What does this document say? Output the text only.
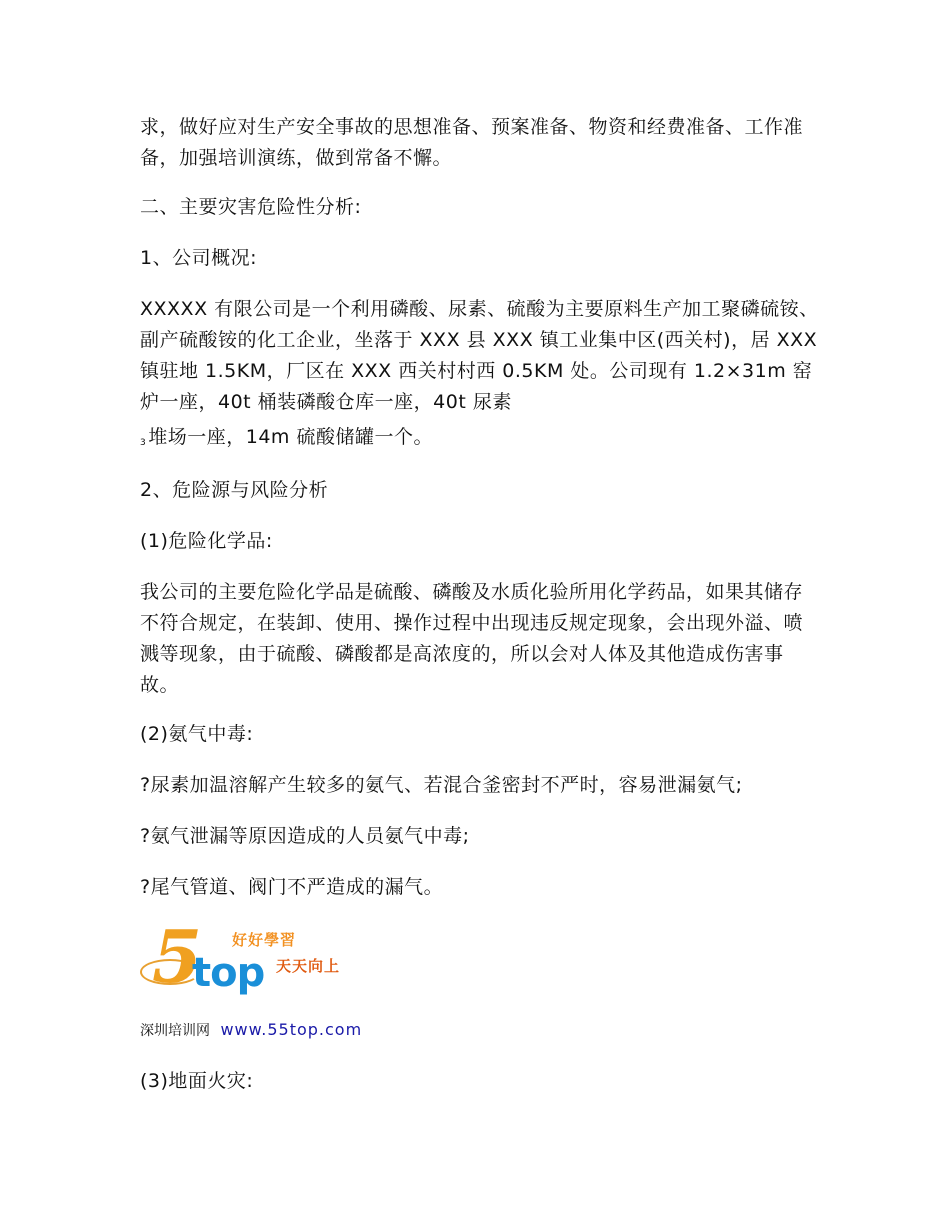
求，做好应对生产安全事故的思想准备、预案准备、物资和经费准备、工作准备，加强培训演练，做到常备不懈。

二、主要灾害危险性分析:

1、公司概况:

XXXXX 有限公司是一个利用磷酸、尿素、硫酸为主要原料生产加工聚磷硫铵、副产硫酸铵的化工企业，坐落于 XXX 县 XXX 镇工业集中区(西关村)，居 XXX 镇驻地 1.5KM，厂区在 XXX 西关村村西 0.5KM 处。公司现有 1.2×31m 窑炉一座，40t 桶装磷酸仓库一座，40t 尿素

3 堆场一座，14m 硫酸储罐一个。

2、危险源与风险分析

(1)危险化学品:

我公司的主要危险化学品是硫酸、磷酸及水质化验所用化学药品，如果其储存不符合规定，在装卸、使用、操作过程中出现违反规定现象，会出现外溢、喷溅等现象，由于硫酸、磷酸都是高浓度的，所以会对人体及其他造成伤害事故。

(2)氨气中毒:

?尿素加温溶解产生较多的氨气、若混合釜密封不严时，容易泄漏氨气;

?氨气泄漏等原因造成的人员氨气中毒;

?尾气管道、阀门不严造成的漏气。

5
top
好好學習
天天向上

深圳培训网 www.55top.com

(3)地面火灾:
